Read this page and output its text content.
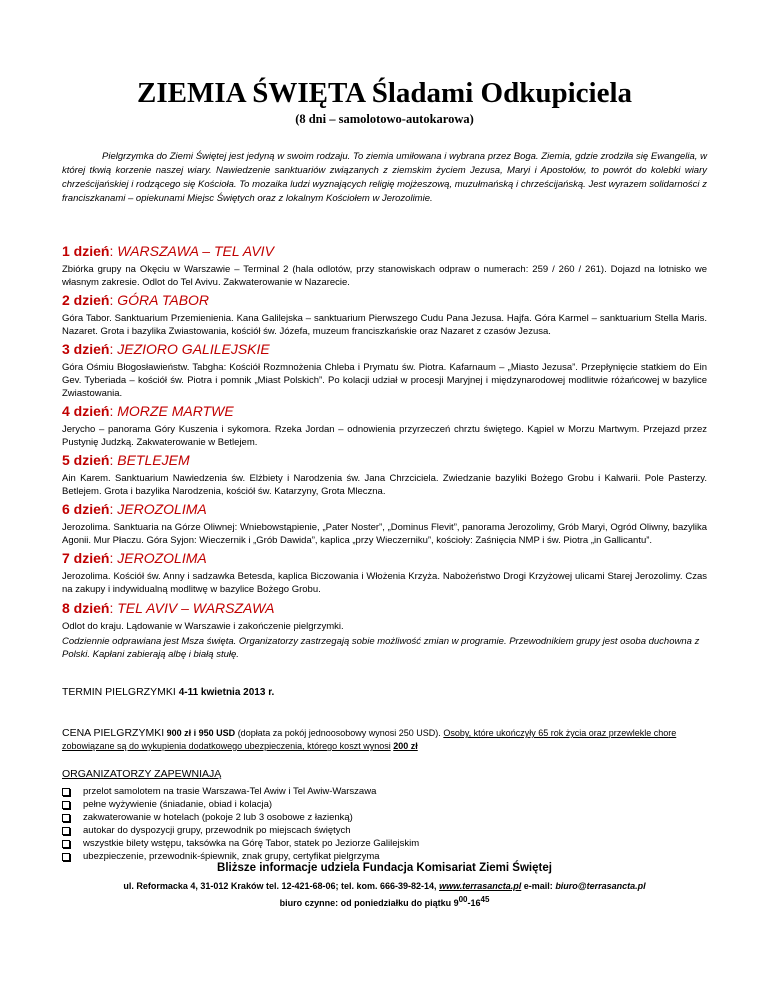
ZIEMIA ŚWIĘTA Śladami Odkupiciela
(8 dni – samolotowo-autokarowa)
Pielgrzymka do Ziemi Świętej jest jedyną w swoim rodzaju. To ziemia umiłowana i wybrana przez Boga. Ziemia, gdzie zrodziła się Ewangelia, w której tkwią korzenie naszej wiary. Nawiedzenie sanktuariów związanych z ziemskim życiem Jezusa, Maryi i Apostołów, to powrót do kolebki wiary chrześcijańskiej i rodzącego się Kościoła. To mozaika ludzi wyznających religię mojżeszową, muzułmańską i chrześcijańską. Jest wyrazem solidarności z franciszkanami – opiekunami Miejsc Świętych oraz z lokalnym Kościołem w Jerozolimie.
1 dzień: WARSZAWA – TEL AVIV

Zbiórka grupy na Okęciu w Warszawie – Terminal 2 (hala odlotów, przy stanowiskach odpraw o numerach: 259 / 260 / 261). Dojazd na lotnisko we własnym zakresie. Odlot do Tel Avivu. Zakwaterowanie w Nazarecie.

2 dzień: GÓRA TABOR

Góra Tabor. Sanktuarium Przemienienia. Kana Galilejska – sanktuarium Pierwszego Cudu Pana Jezusa. Hajfa. Góra Karmel – sanktuarium Stella Maris. Nazaret. Grota i bazylika Zwiastowania, kościół św. Józefa, muzeum franciszkańskie oraz Nazaret z czasów Jezusa.

3 dzień: JEZIORO GALILEJSKIE

Góra Ośmiu Błogosławieństw. Tabgha: Kościół Rozmnożenia Chleba i Prymatu św. Piotra. Kafarnaum – „Miasto Jezusa”. Przepłynięcie statkiem do Ein Gev. Tyberiada – kościół św. Piotra i pomnik „Miast Polskich”. Po kolacji udział w procesji Maryjnej i międzynarodowej modlitwie różańcowej w bazylice Zwiastowania.

4 dzień: MORZE MARTWE

Jerycho – panorama Góry Kuszenia i sykomora. Rzeka Jordan – odnowienia przyrzeczeń chrztu świętego. Kąpiel w Morzu Martwym. Przejazd przez Pustynię Judzką. Zakwaterowanie w Betlejem.

5 dzień: BETLEJEM

Ain Karem. Sanktuarium Nawiedzenia św. Elżbiety i Narodzenia św. Jana Chrzciciela. Zwiedzanie bazyliki Bożego Grobu i Kalwarii. Pole Pasterzy. Betlejem. Grota i bazylika Narodzenia, kościół św. Katarzyny, Grota Mleczna.

6 dzień: JEROZOLIMA

Jerozolima. Sanktuaria na Górze Oliwnej: Wniebowstąpienie, „Pater Noster”, „Dominus Flevit”, panorama Jerozolimy, Grób Maryi, Ogród Oliwny, bazylika Agonii. Mur Płaczu. Góra Syjon: Wieczernik i „Grób Dawida”, kaplica „przy Wieczerniku”, kościoły: Zaśnięcia NMP i św. Piotra „in Gallicantu”.

7 dzień: JEROZOLIMA

Jerozolima. Kościół św. Anny i sadzawka Betesda, kaplica Biczowania i Włożenia Krzyża. Nabożeństwo Drogi Krzyżowej ulicami Starej Jerozolimy. Czas na zakupy i indywidualną modlitwę w bazylice Bożego Grobu.

8 dzień: TEL AVIV – WARSZAWA

Odlot do kraju. Lądowanie w Warszawie i zakończenie pielgrzymki.

Codziennie odprawiana jest Msza święta. Organizatorzy zastrzegają sobie możliwość zmian w programie. Przewodnikiem grupy jest osoba duchowna z Polski. Kapłani zabierają albę i białą stułę.
TERMIN PIELGRZYMKI 4-11 kwietnia 2013 r.
CENA PIELGRZYMKI 900 zł i 950 USD (dopłata za pokój jednoosobowy wynosi 250 USD). Osoby, które ukończyły 65 rok życia oraz przewlekle chore zobowiązane są do wykupienia dodatkowego ubezpieczenia, którego koszt wynosi 200 zł
ORGANIZATORZY ZAPEWNIAJĄ
przelot samolotem na trasie Warszawa-Tel Awiw i Tel Awiw-Warszawa
pełne wyżywienie (śniadanie, obiad i kolacja)
zakwaterowanie w hotelach (pokoje 2 lub 3 osobowe z łazienką)
autokar do dyspozycji grupy, przewodnik po miejscach świętych
wszystkie bilety wstępu, taksówka na Górę Tabor, statek po Jeziorze Galilejskim
ubezpieczenie, przewodnik-śpiewnik, znak grupy, certyfikat pielgrzyma
Bliższe informacje udziela Fundacja Komisariat Ziemi Świętej
ul. Reformacka 4, 31-012 Kraków tel. 12-421-68-06; tel. kom. 666-39-82-14, www.terrasancta.pl e-mail: biuro@terrasancta.pl
biuro czynne: od poniedziałku do piątku $9^{00}-16^{45}$
